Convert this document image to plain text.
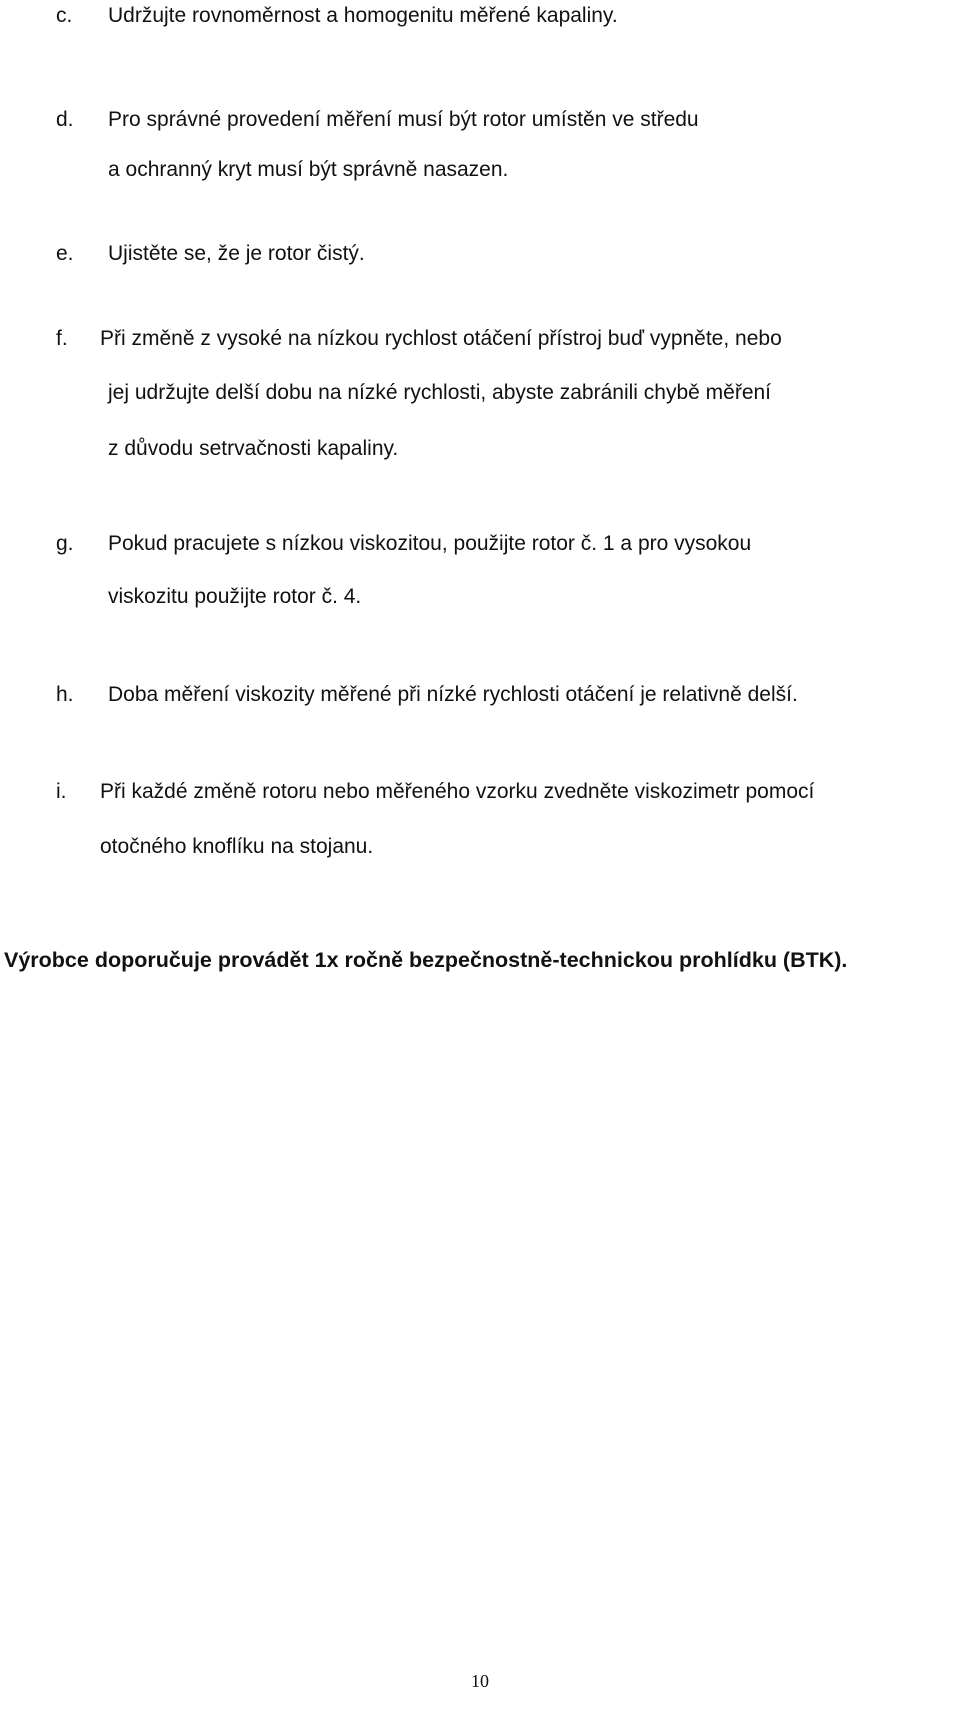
c. Udržujte rovnoměrnost a homogenitu měřené kapaliny.
d. Pro správné provedení měření musí být rotor umístěn ve středu
a ochranný kryt musí být správně nasazen.
e. Ujistěte se, že je rotor čistý.
f. Při změně z vysoké na nízkou rychlost otáčení přístroj buď vypněte, nebo
jej udržujte delší dobu na nízké rychlosti, abyste zabránili chybě měření
z důvodu setrvačnosti kapaliny.
g. Pokud pracujete s nízkou viskozitou, použijte rotor č. 1 a pro vysokou
viskozitu použijte rotor č. 4.
h. Doba měření viskozity měřené při nízké rychlosti otáčení je relativně delší.
i. Při každé změně rotoru nebo měřeného vzorku zvedněte viskozimetr pomocí
otočného knoflíku na stojanu.
Výrobce doporučuje provádět 1x ročně bezpečnostně-technickou prohlídku (BTK).
10
